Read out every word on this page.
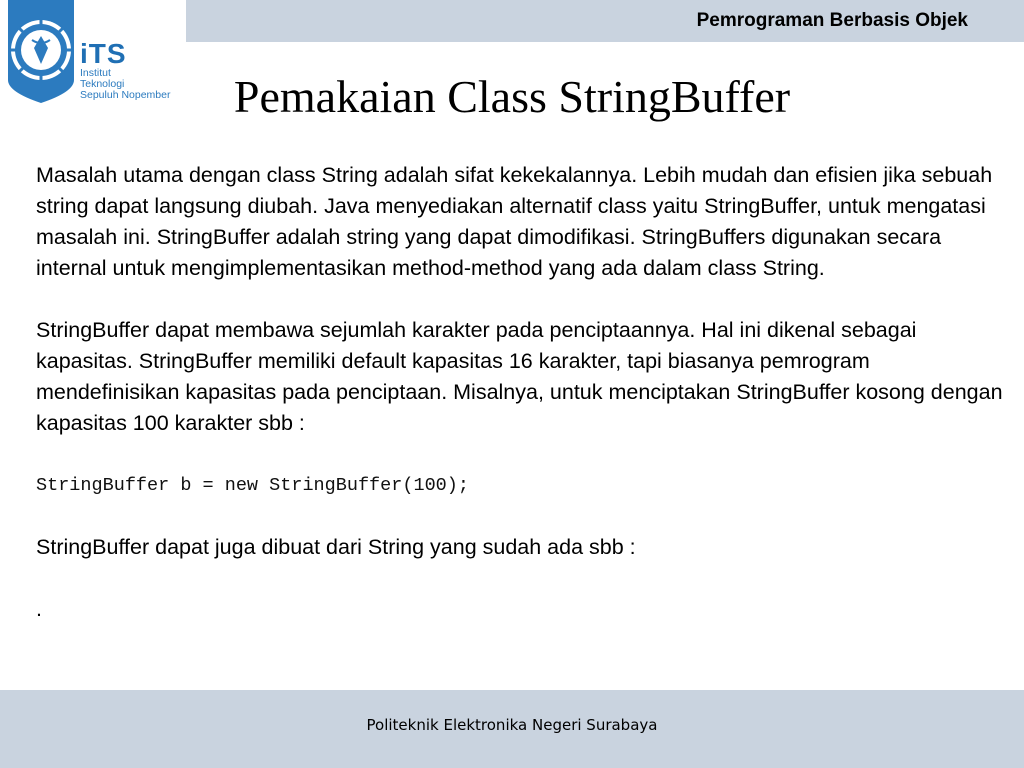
Pemrograman Berbasis Objek
iTS
Institut
Teknologi
Sepuluh Nopember	Pemakaian Class StringBuffer

Masalah utama dengan class String adalah sifat kekekalannya. Lebih mudah dan efisien jika sebuah string dapat langsung diubah. Java menyediakan alternatif class yaitu StringBuffer, untuk mengatasi masalah ini. StringBuffer adalah string yang dapat dimodifikasi. StringBuffers digunakan secara internal untuk mengimplementasikan method-method yang ada dalam class String.

StringBuffer dapat membawa sejumlah karakter pada penciptaannya. Hal ini dikenal sebagai kapasitas. StringBuffer memiliki default kapasitas 16 karakter, tapi biasanya pemrogram mendefinisikan kapasitas pada penciptaan. Misalnya, untuk menciptakan StringBuffer kosong dengan kapasitas 100 karakter sbb :

StringBuffer b = new StringBuffer(100);

StringBuffer dapat juga dibuat dari String yang sudah ada sbb :

.

Politeknik Elektronika Negeri Surabaya
